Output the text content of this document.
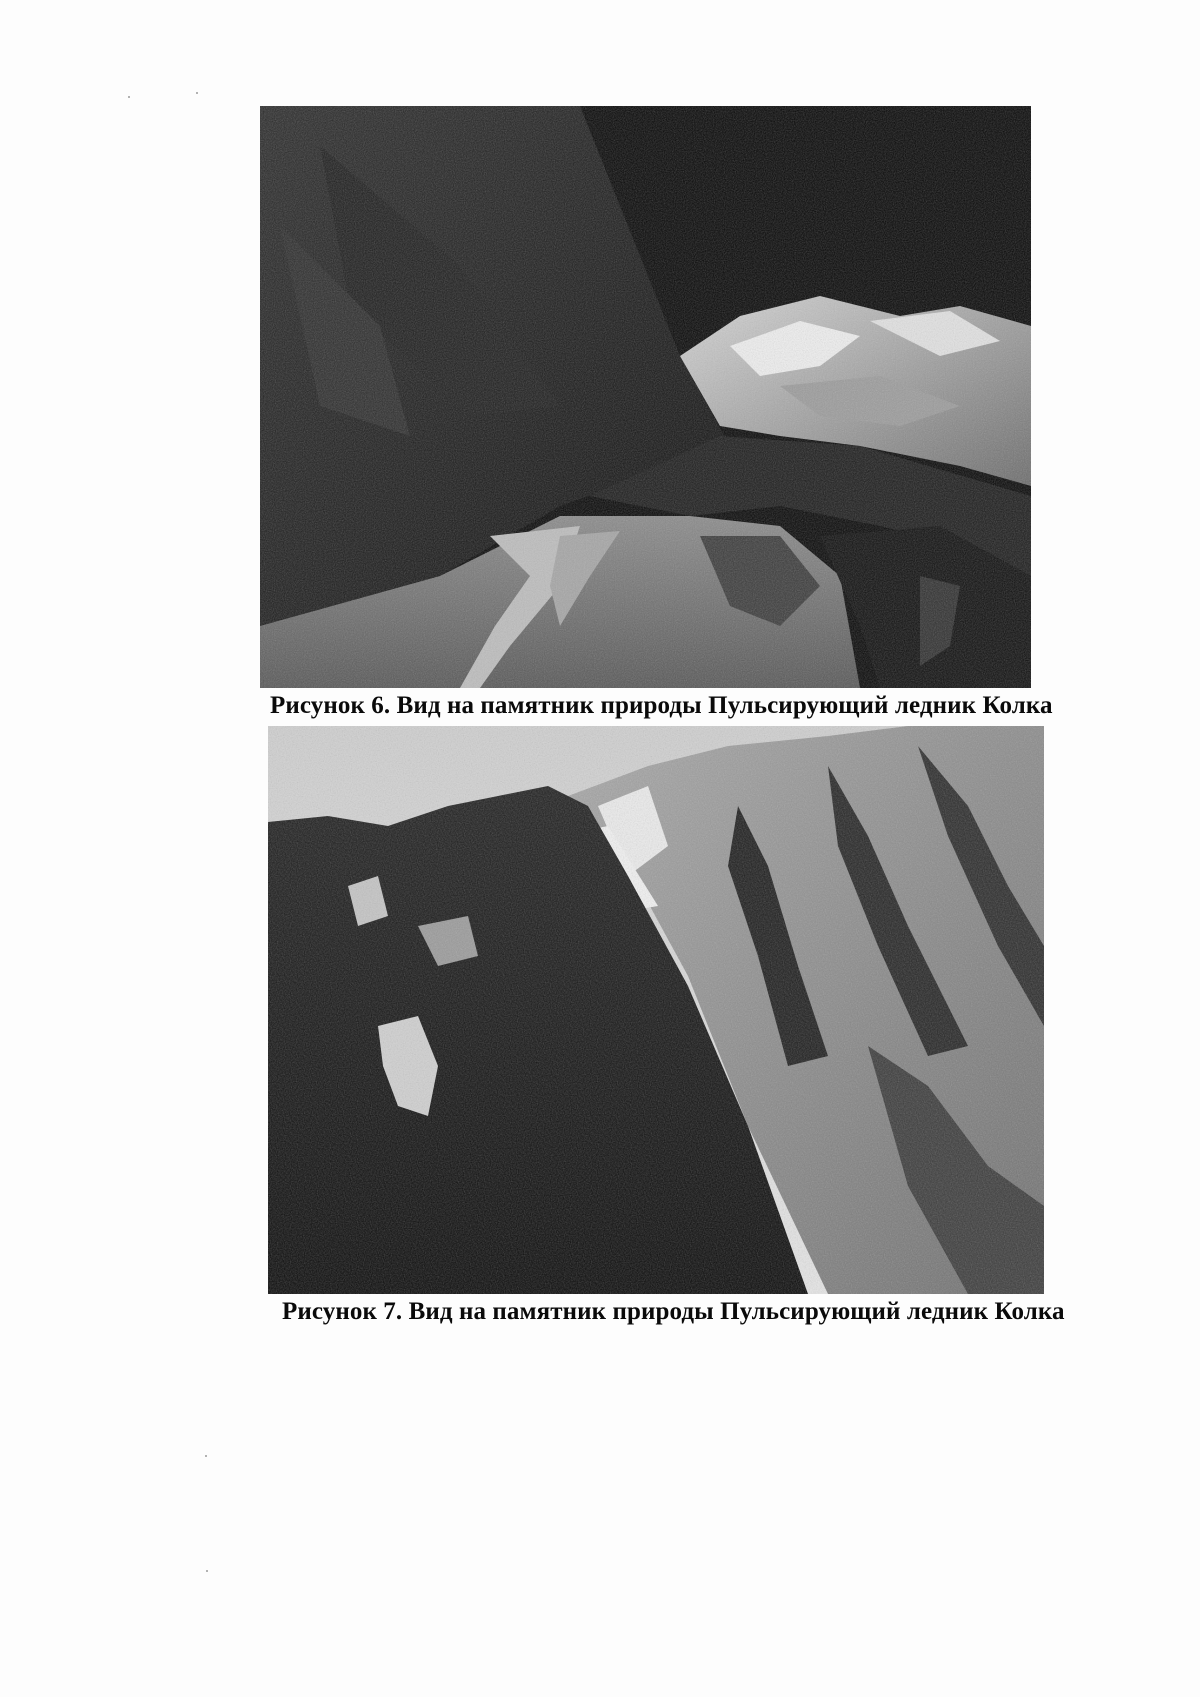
Рисунок 6. Вид на памятник природы Пульсирующий ледник Колка
Рисунок 7. Вид на памятник природы Пульсирующий ледник Колка
